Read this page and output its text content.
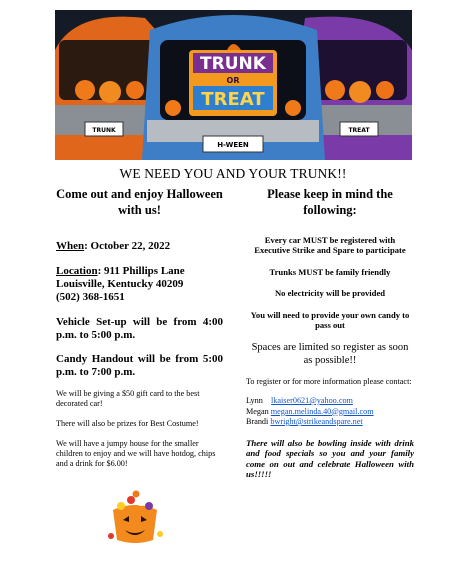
TRUNK	TREAT
H-WEEN
TRUNK
OR
TREAT
WE NEED YOU AND YOUR TRUNK!!

Come out and enjoy Halloween with us!

When: October 22, 2022

Location: 911 Phillips Lane
Louisville, Kentucky 40209
(502) 368-1651

Vehicle Set-up will be from 4:00 p.m. to 5:00 p.m.

Candy Handout will be from 5:00 p.m. to 7:00 p.m.

We will be giving a $50 gift card to the best decorated car!

There will also be prizes for Best Costume!

We will have a jumpy house for the smaller children to enjoy and we will have hotdog, chips and a drink for $6.00!

Please keep in mind the following:

Every car MUST be registered with Executive Strike and Spare to participate

Trunks MUST be family friendly

No electricity will be provided

You will need to provide your own candy to pass out

Spaces are limited so register as soon as possible!!

To register or for more information please contact:

Lynn lkaiser0621@yahoo.com
Megan megan.melinda.40@gmail.com
Brandi bwright@strikeandspare.net

There will also be bowling inside with drink and food specials so you and your family come on out and celebrate Halloween with us!!!!!
